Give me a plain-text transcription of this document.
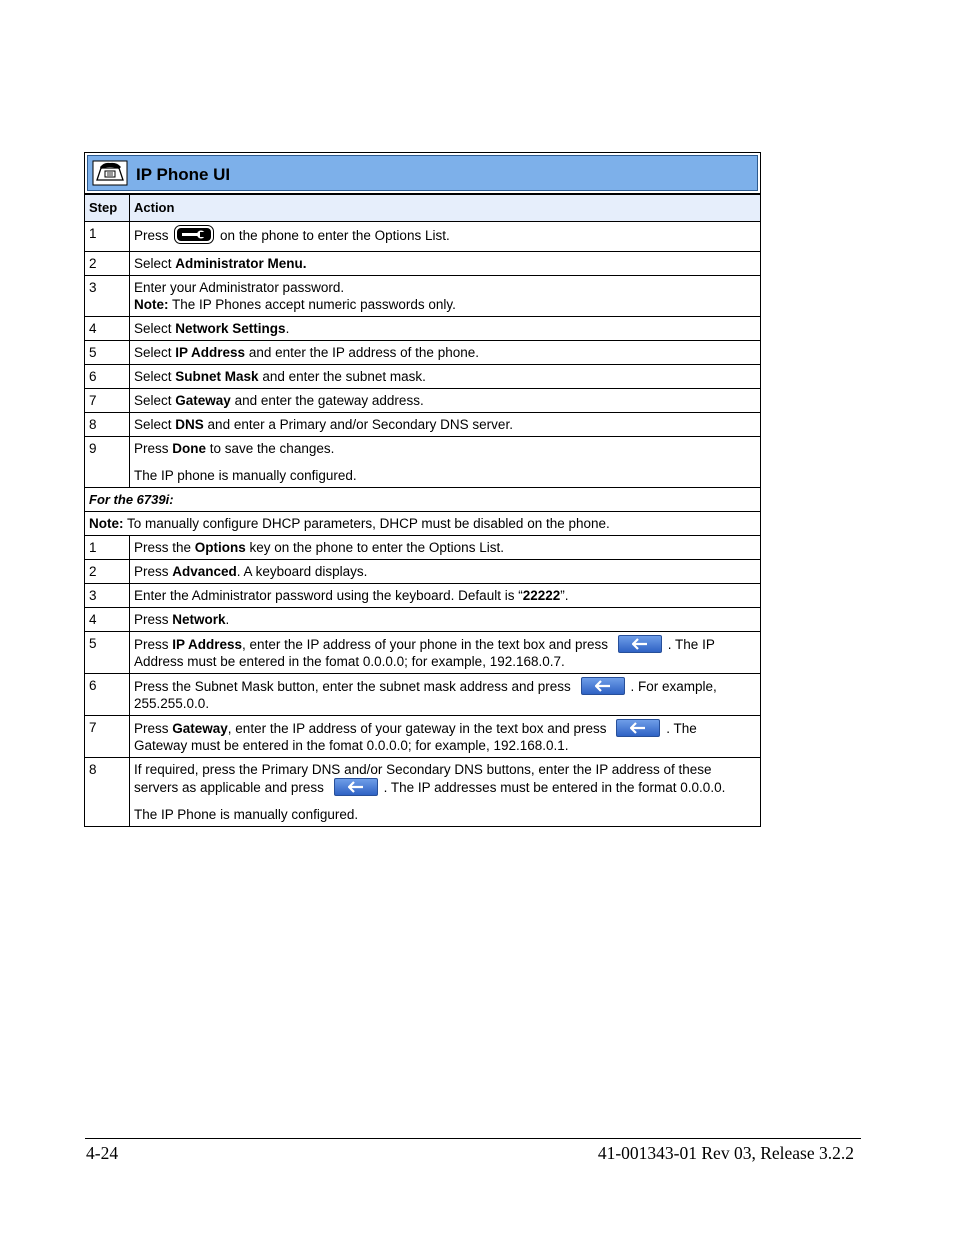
IP Phone UI
Step	Action
1	Press on the phone to enter the Options List.
2	Select Administrator Menu.
3	Enter your Administrator password.
Note: The IP Phones accept numeric passwords only.
4	Select Network Settings.
5	Select IP Address and enter the IP address of the phone.
6	Select Subnet Mask and enter the subnet mask.
7	Select Gateway and enter the gateway address.
8	Select DNS and enter a Primary and/or Secondary DNS server.
9	Press Done to save the changes.
The IP phone is manually configured.
For the 6739i:	
Note: To manually configure DHCP parameters, DHCP must be disabled on the phone.	
1	Press the Options key on the phone to enter the Options List.
2	Press Advanced. A keyboard displays.
3	Enter the Administrator password using the keyboard. Default is “22222”.
4	Press Network.
5	Press IP Address, enter the IP address of your phone in the text box and press . The IP
Address must be entered in the fomat 0.0.0.0; for example, 192.168.0.7.
6	Press the Subnet Mask button, enter the subnet mask address and press . For example,
255.255.0.0.
7	Press Gateway, enter the IP address of your gateway in the text box and press . The
Gateway must be entered in the fomat 0.0.0.0; for example, 192.168.0.1.
8	If required, press the Primary DNS and/or Secondary DNS buttons, enter the IP address of these
servers as applicable and press . The IP addresses must be entered in the format 0.0.0.0.
The IP Phone is manually configured.
4-24	41-001343-01 Rev 03, Release 3.2.2
